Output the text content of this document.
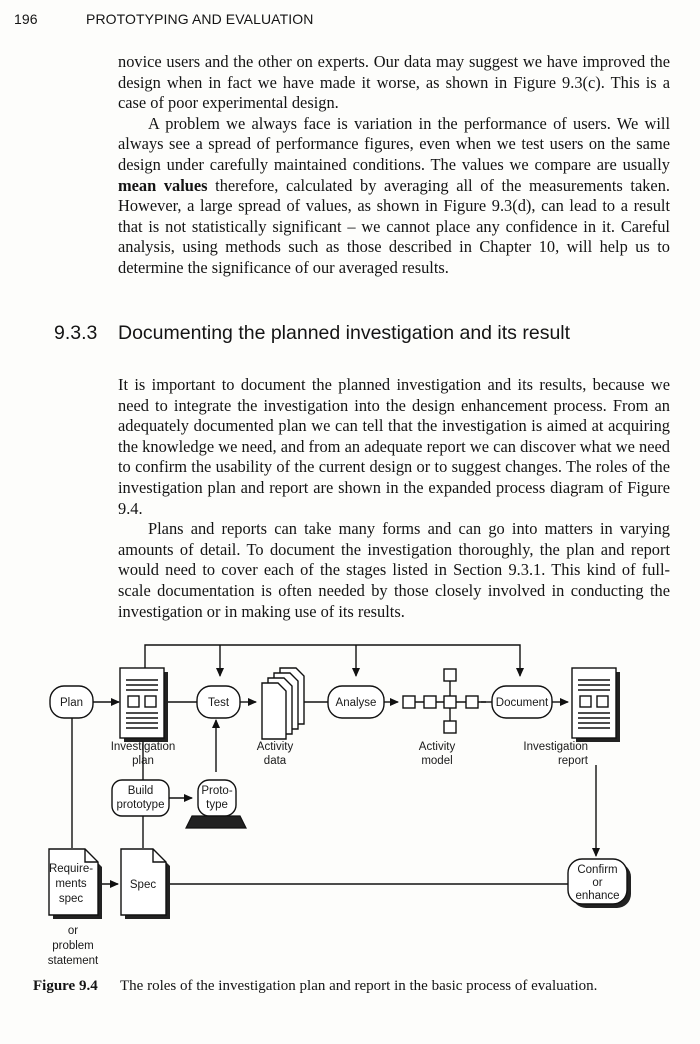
196	PROTOTYPING AND EVALUATION

novice users and the other on experts. Our data may suggest we have improved the design when in fact we have made it worse, as shown in Figure 9.3(c). This is a case of poor experimental design.

A problem we always face is variation in the performance of users. We will always see a spread of performance figures, even when we test users on the same design under carefully maintained conditions. The values we compare are usually mean values therefore, calculated by averaging all of the measurements taken. However, a large spread of values, as shown in Figure 9.3(d), can lead to a result that is not statistically significant – we cannot place any confidence in it. Careful analysis, using methods such as those described in Chapter 10, will help us to determine the significance of our averaged results.

9.3.3 Documenting the planned investigation and its result

It is important to document the planned investigation and its results, because we need to integrate the investigation into the design enhancement process. From an adequately documented plan we can tell that the investigation is aimed at acquiring the knowledge we need, and from an adequate report we can discover what we need to confirm the usability of the current design or to suggest changes. The roles of the investigation plan and report are shown in the expanded process diagram of Figure 9.4.

Plans and reports can take many forms and can go into matters in varying amounts of detail. To document the investigation thoroughly, the plan and report would need to cover each of the stages listed in Section 9.3.1. This kind of full-scale documentation is often needed by those closely involved in conducting the investigation or in making use of its results.

Plan	Test	Analyse	Document
Investigation
plan
Activity
data
Activity
model
Investigation
report
Build
prototype
Proto-
type
Require-
ments
spec
or
problem
statement
Spec
Confirm
or
enhance
Figure 9.4 The roles of the investigation plan and report in the basic process of evaluation.
